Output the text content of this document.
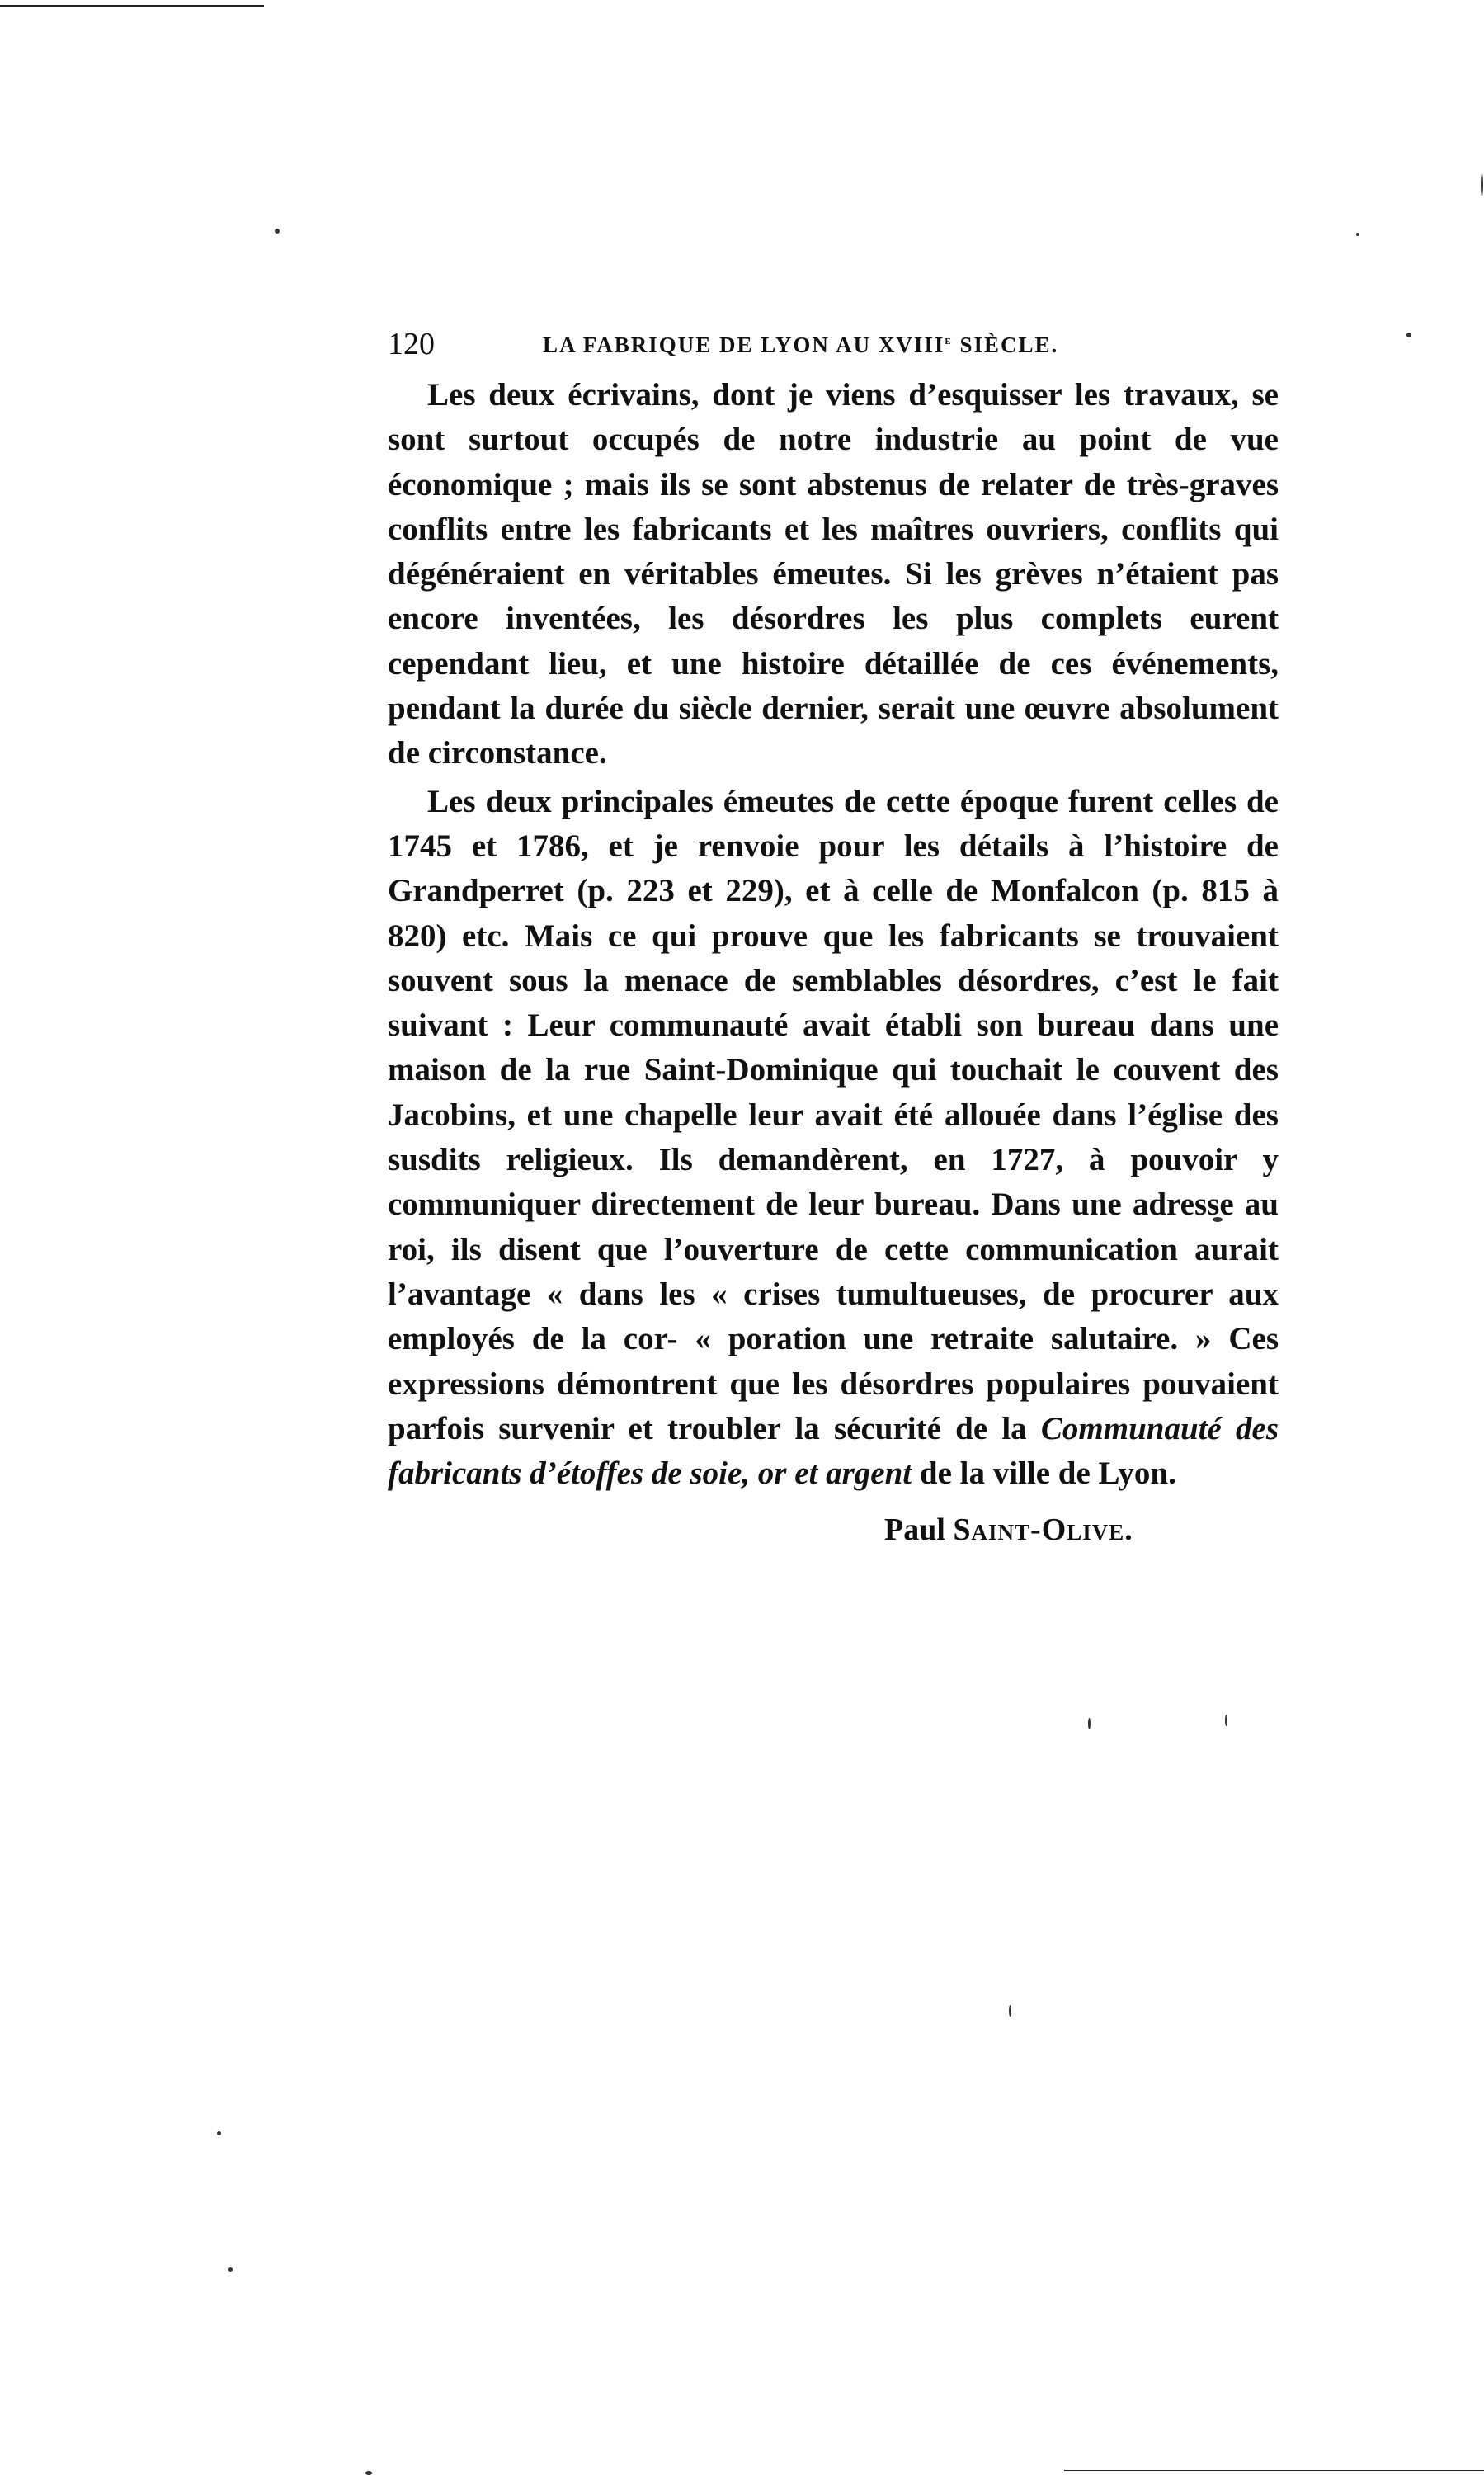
120	LA FABRIQUE DE LYON AU XVIIIe SIÈCLE.

Les deux écrivains, dont je viens d’esquisser les travaux, se sont surtout occupés de notre industrie au point de vue économique ; mais ils se sont abstenus de relater de très-graves conflits entre les fabricants et les maîtres ouvriers, conflits qui dégénéraient en véritables émeutes. Si les grèves n’étaient pas encore inventées, les désordres les plus complets eurent cependant lieu, et une histoire détaillée de ces événements, pendant la durée du siècle dernier, serait une œuvre absolument de circonstance.

Les deux principales émeutes de cette époque furent celles de 1745 et 1786, et je renvoie pour les détails à l’histoire de Grandperret (p. 223 et 229), et à celle de Monfalcon (p. 815 à 820) etc. Mais ce qui prouve que les fabricants se trouvaient souvent sous la menace de semblables désordres, c’est le fait suivant : Leur communauté avait établi son bureau dans une maison de la rue Saint-Dominique qui touchait le couvent des Jacobins, et une chapelle leur avait été allouée dans l’église des susdits religieux. Ils demandèrent, en 1727, à pouvoir y communiquer directement de leur bureau. Dans une adresse au roi, ils disent que l’ouverture de cette communication aurait l’avantage « dans les « crises tumultueuses, de procurer aux employés de la cor- « poration une retraite salutaire. » Ces expressions démontrent que les désordres populaires pouvaient parfois survenir et troubler la sécurité de la Communauté des fabricants d’étoffes de soie, or et argent de la ville de Lyon.

Paul Saint-Olive.
